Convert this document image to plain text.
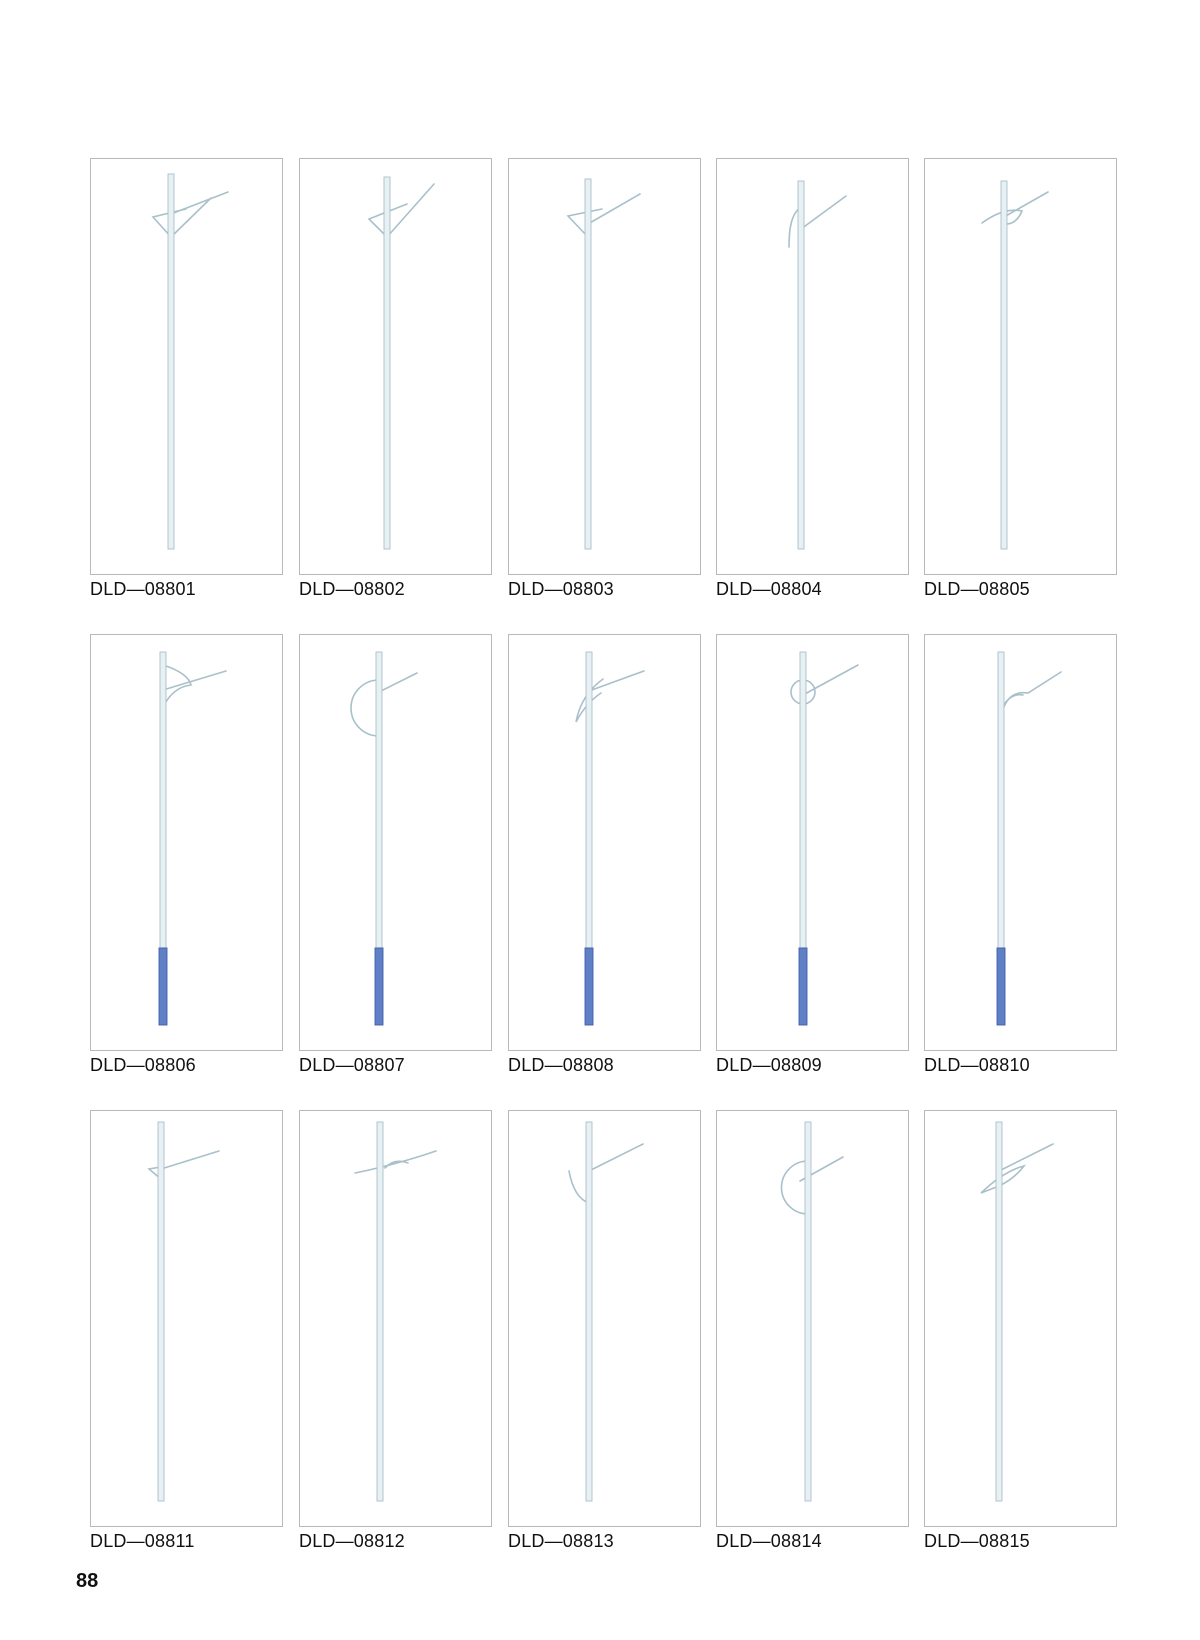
DLD—08801	DLD—08802	DLD—08803	DLD—08804	DLD—08805
DLD—08806	DLD—08807	DLD—08808	DLD—08809	DLD—08810
DLD—08811	DLD—08812	DLD—08813	DLD—08814	DLD—08815
88
